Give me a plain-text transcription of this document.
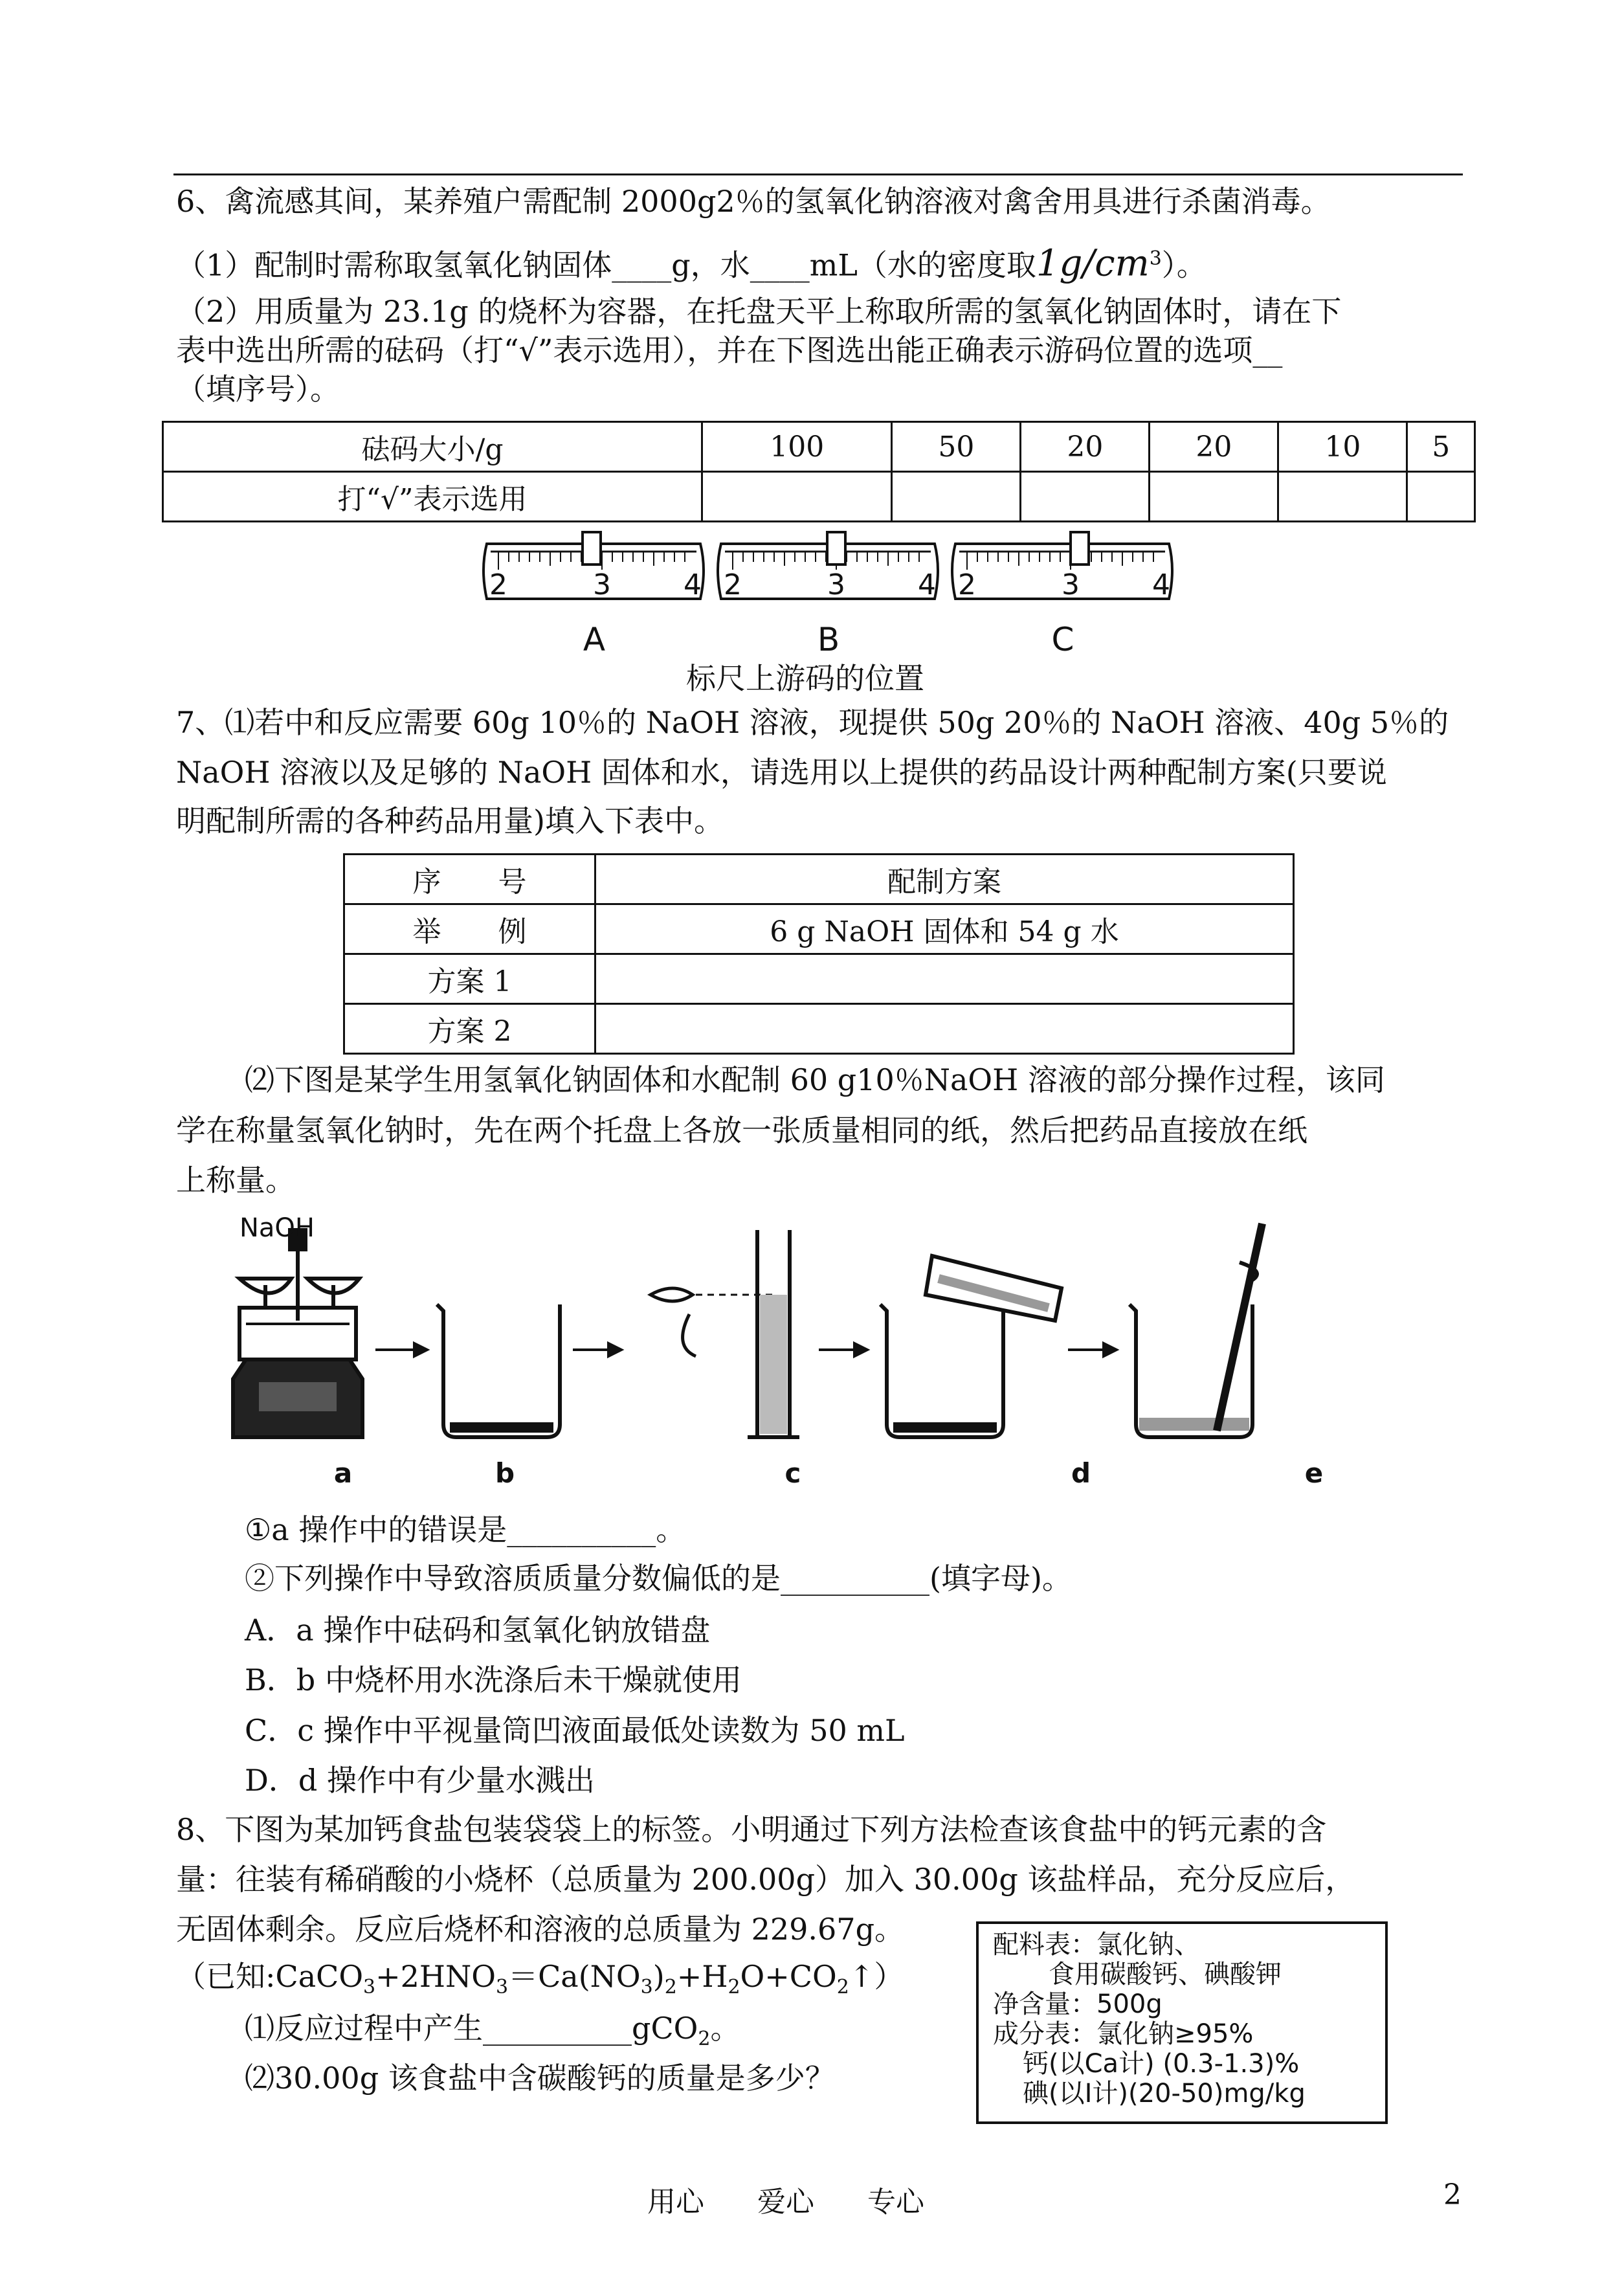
6、禽流感其间，某养殖户需配制 2000g2％的氢氧化钠溶液对禽舍用具进行杀菌消毒。
（1）配制时需称取氢氧化钠固体____g，水____mL（水的密度取$1g/cm^3$）。
（2）用质量为 23.1g 的烧杯为容器，在托盘天平上称取所需的氢氧化钠固体时，请在下
表中选出所需的砝码（打“√”表示选用），并在下图选出能正确表示游码位置的选项__
（填序号）。
砝码大小/g	100	50	20	20	10	5
打“√”表示选用						
2	3	4 2	3	4 2	3	4
A	B	C
标尺上游码的位置
7、⑴若中和反应需要 60g 10％的 NaOH 溶液，现提供 50g 20％的 NaOH 溶液、40g 5％的
NaOH 溶液以及足够的 NaOH 固体和水，请选用以上提供的药品设计两种配制方案(只要说
明配制所需的各种药品用量)填入下表中。
序　　号	配制方案
举　　例	6 g NaOH 固体和 54 g 水
方案 1	
方案 2	
⑵下图是某学生用氢氧化钠固体和水配制 60 g10％NaOH 溶液的部分操作过程，该同
学在称量氢氧化钠时，先在两个托盘上各放一张质量相同的纸，然后把药品直接放在纸
上称量。
NaOH
a	b	c	d	e
①a 操作中的错误是__________。
②下列操作中导致溶质质量分数偏低的是__________(填字母)。
A．a 操作中砝码和氢氧化钠放错盘
B．b 中烧杯用水洗涤后未干燥就使用
C．c 操作中平视量筒凹液面最低处读数为 50 mL
D．d 操作中有少量水溅出
8、下图为某加钙食盐包装袋袋上的标签。小明通过下列方法检查该食盐中的钙元素的含
量：往装有稀硝酸的小烧杯（总质量为 200.00g）加入 30.00g 该盐样品，充分反应后，
无固体剩余。反应后烧杯和溶液的总质量为 229.67g。
（已知$:CaCO_3+2HNO_3=Ca(NO_3)_2+H_2O+CO_2↑$）
⑴反应过程中产生__________gCO$_2$。
⑵30.00g 该食盐中含碳酸钙的质量是多少？
配料表：氯化钠、
食用碳酸钙、碘酸钾
净含量：500g
成分表：氯化钠≥95%
钙(以Ca计) (0.3-1.3)%
碘(以I计)(20-50)mg/kg
用心 爱心 专心	2
